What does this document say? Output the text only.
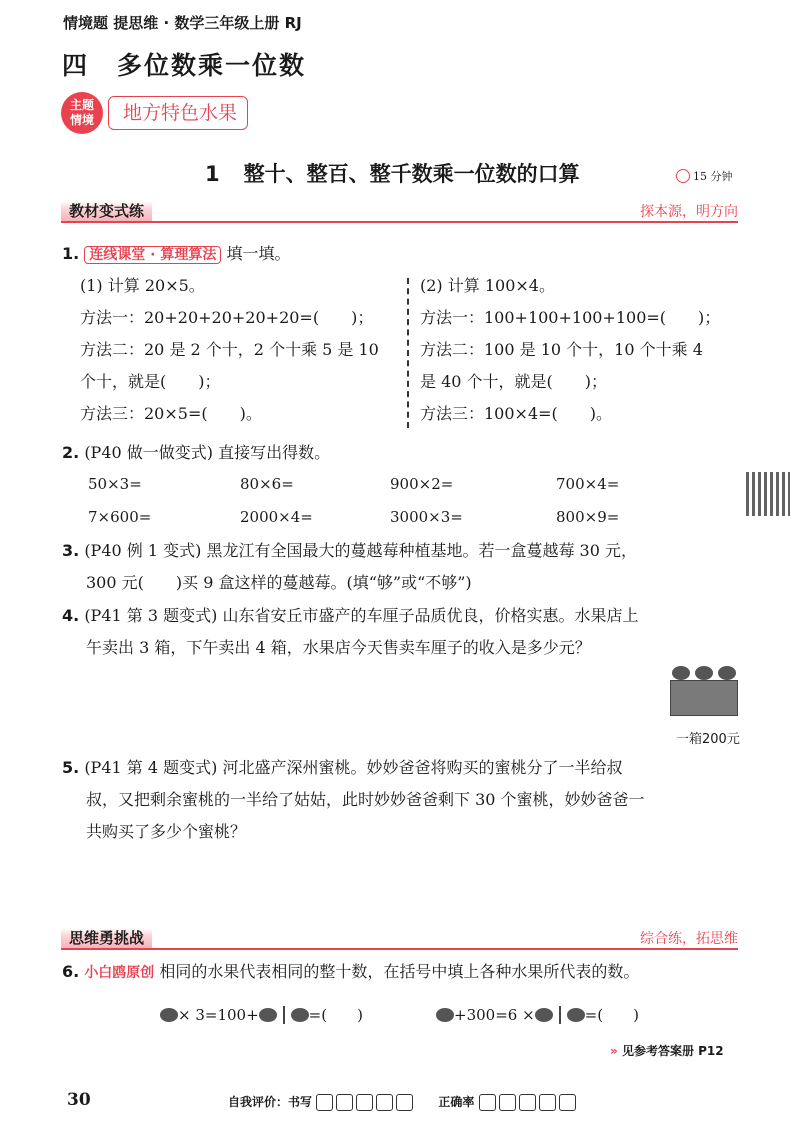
情境题 提思维 · 数学三年级上册 RJ
四 多位数乘一位数
主题
情境	地方特色水果
1 整十、整百、整千数乘一位数的口算	15 分钟
教材变式练	探本源，明方向
1. 连线课堂 · 算理算法 填一填。
(1) 计算 20×5。
方法一：20+20+20+20+20=(　　)；
方法二：20 是 2 个十，2 个十乘 5 是 10
个十，就是(　　)；
方法三：20×5=(　　)。
(2) 计算 100×4。
方法一：100+100+100+100=(　　)；
方法二：100 是 10 个十，10 个十乘 4
是 40 个十，就是(　　)；
方法三：100×4=(　　)。
2. (P40 做一做变式) 直接写出得数。
50×3=	80×6=	900×2=	700×4=
7×600=	2000×4=	3000×3=	800×9=
3. (P40 例 1 变式) 黑龙江有全国最大的蔓越莓种植基地。若一盒蔓越莓 30 元，
300 元(　　)买 9 盒这样的蔓越莓。(填“够”或“不够”)
4. (P41 第 3 题变式) 山东省安丘市盛产的车厘子品质优良，价格实惠。水果店上
午卖出 3 箱，下午卖出 4 箱，水果店今天售卖车厘子的收入是多少元？
一箱200元
5. (P41 第 4 题变式) 河北盛产深州蜜桃。妙妙爸爸将购买的蜜桃分了一半给叔
叔，又把剩余蜜桃的一半给了姑姑，此时妙妙爸爸剩下 30 个蜜桃，妙妙爸爸一
共购买了多少个蜜桃？
思维勇挑战	综合练，拓思维
6. 小白鸥原创 相同的水果代表相同的整十数，在括号中填上各种水果所代表的数。
× 3=100+	=(　　)	+300=6 ×	=(　　)
» 见参考答案册 P12
30	自我评价：书写	正确率
